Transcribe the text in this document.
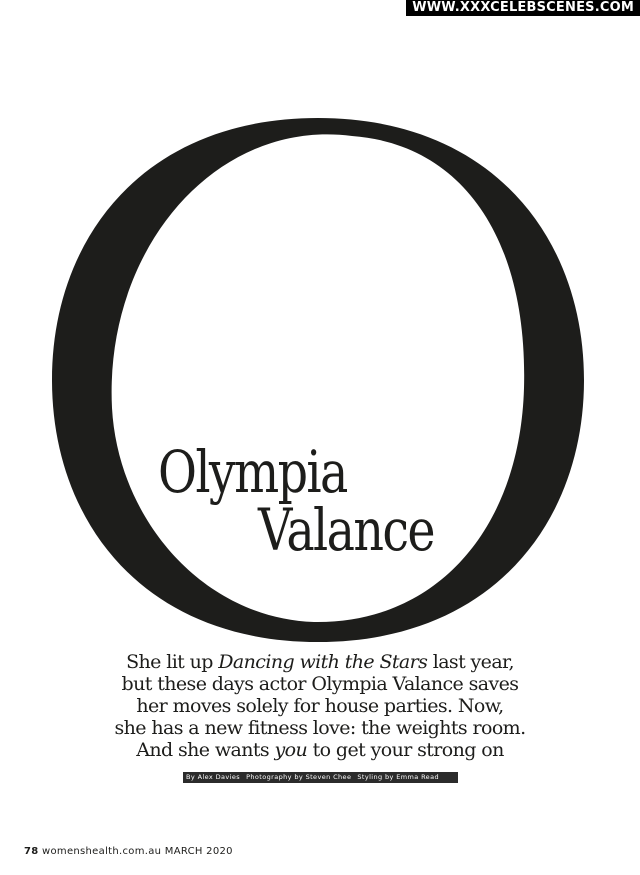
WWW.XXXCELEBSCENES.COM
Olympia
Valance
She lit up Dancing with the Stars last year,
but these days actor Olympia Valance saves
her moves solely for house parties. Now,
she has a new fitness love: the weights room.
And she wants you to get your strong on
By Alex Davies Photography by Steven Chee Styling by Emma Read
78 womenshealth.com.au MARCH 2020
